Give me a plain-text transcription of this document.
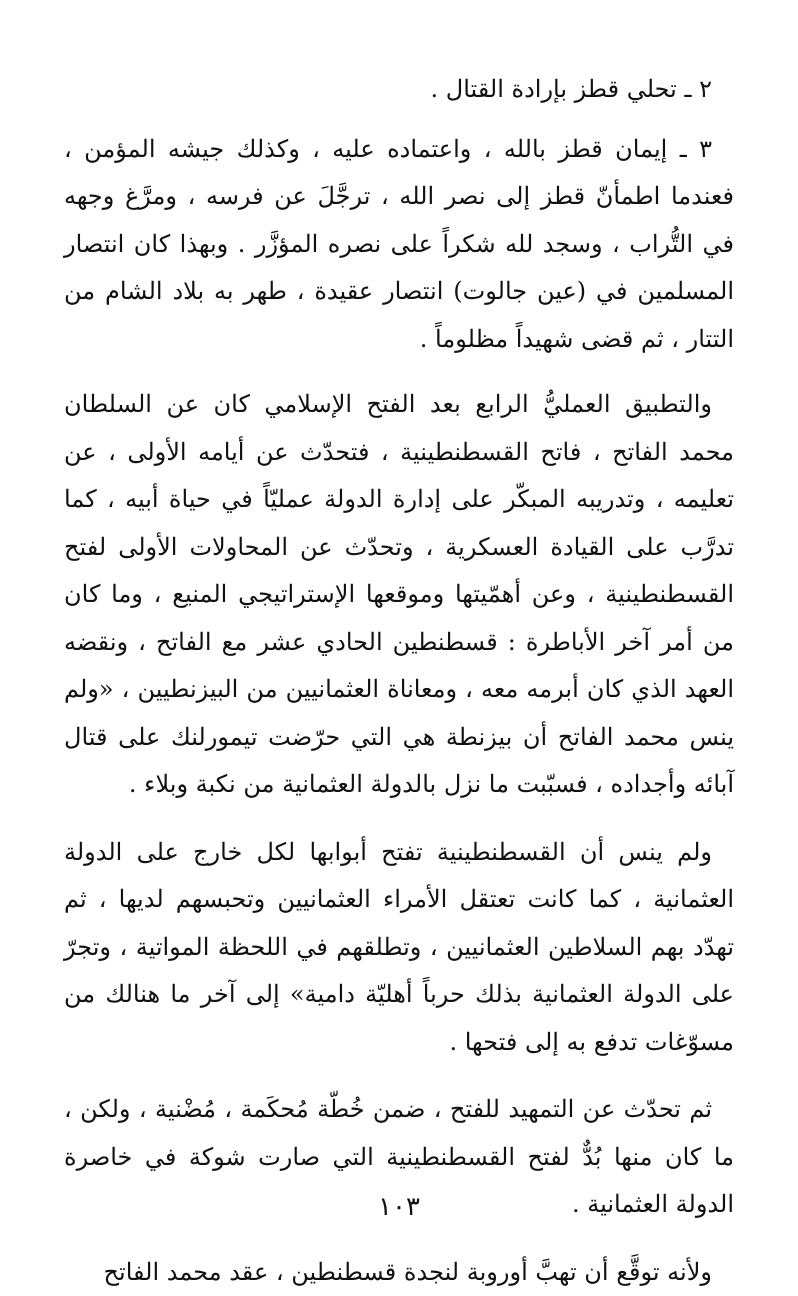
٢ ـ تحلي قطز بإرادة القتال .

٣ ـ إيمان قطز بالله ، واعتماده عليه ، وكذلك جيشه المؤمن ، فعندما اطمأنّ قطز إلى نصر الله ، ترجَّلَ عن فرسه ، ومرَّغ وجهه في التُّراب ، وسجد لله شكراً على نصره المؤزَّر . وبهذا كان انتصار المسلمين في (عين جالوت) انتصار عقيدة ، طهر به بلاد الشام من التتار ، ثم قضى شهيداً مظلوماً .

والتطبيق العمليُّ الرابع بعد الفتح الإسلامي كان عن السلطان محمد الفاتح ، فاتح القسطنطينية ، فتحدّث عن أيامه الأولى ، عن تعليمه ، وتدريبه المبكّر على إدارة الدولة عمليّاً في حياة أبيه ، كما تدرَّب على القيادة العسكرية ، وتحدّث عن المحاولات الأولى لفتح القسطنطينية ، وعن أهمّيتها وموقعها الإستراتيجي المنيع ، وما كان من أمر آخر الأباطرة : قسطنطين الحادي عشر مع الفاتح ، ونقضه العهد الذي كان أبرمه معه ، ومعاناة العثمانيين من البيزنطيين ، «ولم ينس محمد الفاتح أن بيزنطة هي التي حرّضت تيمورلنك على قتال آبائه وأجداده ، فسبّبت ما نزل بالدولة العثمانية من نكبة وبلاء .

ولم ينس أن القسطنطينية تفتح أبوابها لكل خارج على الدولة العثمانية ، كما كانت تعتقل الأمراء العثمانيين وتحبسهم لديها ، ثم تهدّد بهم السلاطين العثمانيين ، وتطلقهم في اللحظة المواتية ، وتجرّ على الدولة العثمانية بذلك حرباً أهليّة دامية» إلى آخر ما هنالك من مسوّغات تدفع به إلى فتحها .

ثم تحدّث عن التمهيد للفتح ، ضمن خُطّة مُحكَمة ، مُضْنية ، ولكن ، ما كان منها بُدٌّ لفتح القسطنطينية التي صارت شوكة في خاصرة الدولة العثمانية .

ولأنه توقَّع أن تهبَّ أوروبة لنجدة قسطنطين ، عقد محمد الفاتح

١٠٣
